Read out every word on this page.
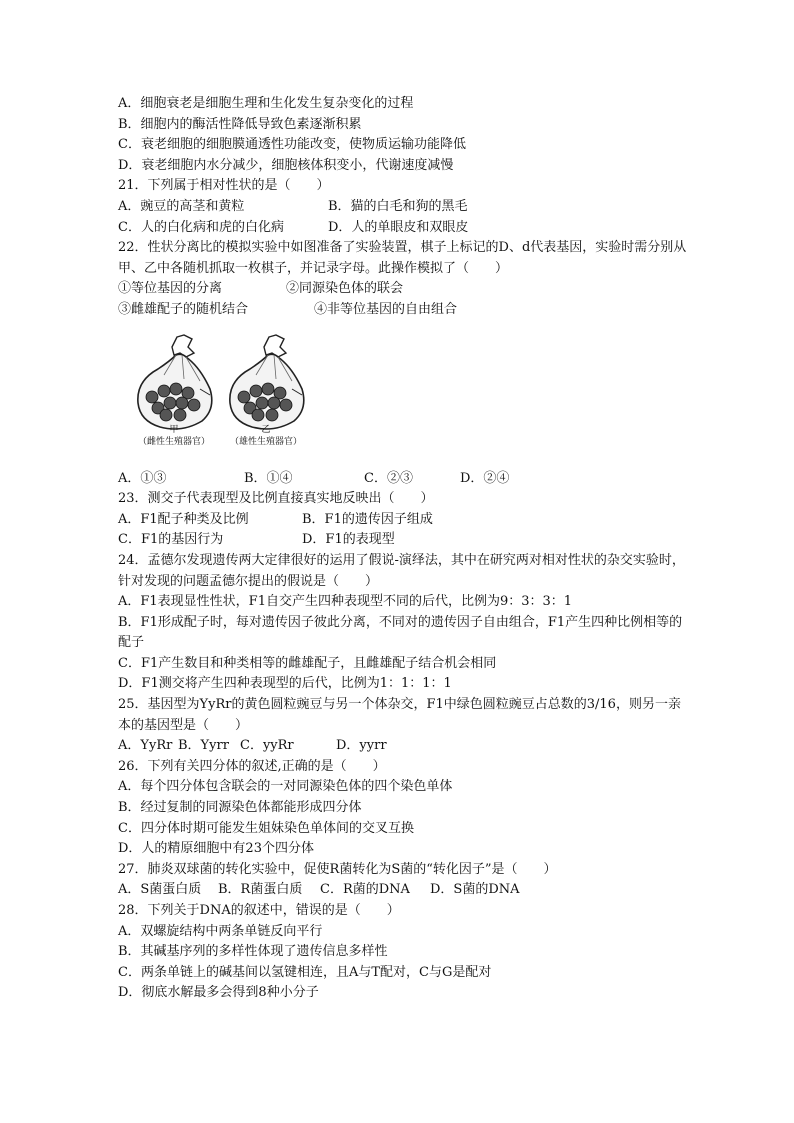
A．细胞衰老是细胞生理和生化发生复杂变化的过程
B．细胞内的酶活性降低导致色素逐渐积累
C．衰老细胞的细胞膜通透性功能改变，使物质运输功能降低
D．衰老细胞内水分减少，细胞核体积变小，代谢速度减慢
21．下列属于相对性状的是（　　）
A．豌豆的高茎和黄粒	B．猫的白毛和狗的黑毛
C．人的白化病和虎的白化病	D．人的单眼皮和双眼皮
22．性状分离比的模拟实验中如图准备了实验装置，棋子上标记的D、d代表基因，实验时需分别从甲、乙中各随机抓取一枚棋子，并记录字母。此操作模拟了（　　）
①等位基因的分离	②同源染色体的联会
③雌雄配子的随机结合	④非等位基因的自由组合
甲
（雌性生殖器官）
乙
（雄性生殖器官）
A．①③	B．①④	C．②③	D．②④
23．测交子代表现型及比例直接真实地反映出（　　）
A．F1配子种类及比例	B．F1的遗传因子组成
C．F1的基因行为	D．F1的表现型
24．孟德尔发现遗传两大定律很好的运用了假说-演绎法，其中在研究两对相对性状的杂交实验时，针对发现的问题孟德尔提出的假说是（　　）
A．F1表现显性性状，F1自交产生四种表现型不同的后代，比例为9：3：3：1
B．F1形成配子时，每对遗传因子彼此分离，不同对的遗传因子自由组合，F1产生四种比例相等的配子
C．F1产生数目和种类相等的雌雄配子，且雌雄配子结合机会相同
D．F1测交将产生四种表现型的后代，比例为1：1：1：1
25．基因型为YyRr的黄色圆粒豌豆与另一个体杂交，F1中绿色圆粒豌豆占总数的3/16，则另一亲本的基因型是（　　）
A．YyRr B．Yyrr C．yyRr	D．yyrr
26．下列有关四分体的叙述,正确的是（　　）
A．每个四分体包含联会的一对同源染色体的四个染色单体
B．经过复制的同源染色体都能形成四分体
C．四分体时期可能发生姐妹染色单体间的交叉互换
D．人的精原细胞中有23个四分体
27．肺炎双球菌的转化实验中，促使R菌转化为S菌的“转化因子”是（　　）
A．S菌蛋白质	B．R菌蛋白质	C．R菌的DNA	D．S菌的DNA
28．下列关于DNA的叙述中，错误的是（　　）
A．双螺旋结构中两条单链反向平行
B．其碱基序列的多样性体现了遗传信息多样性
C．两条单链上的碱基间以氢键相连，且A与T配对，C与G是配对
D．彻底水解最多会得到8种小分子
